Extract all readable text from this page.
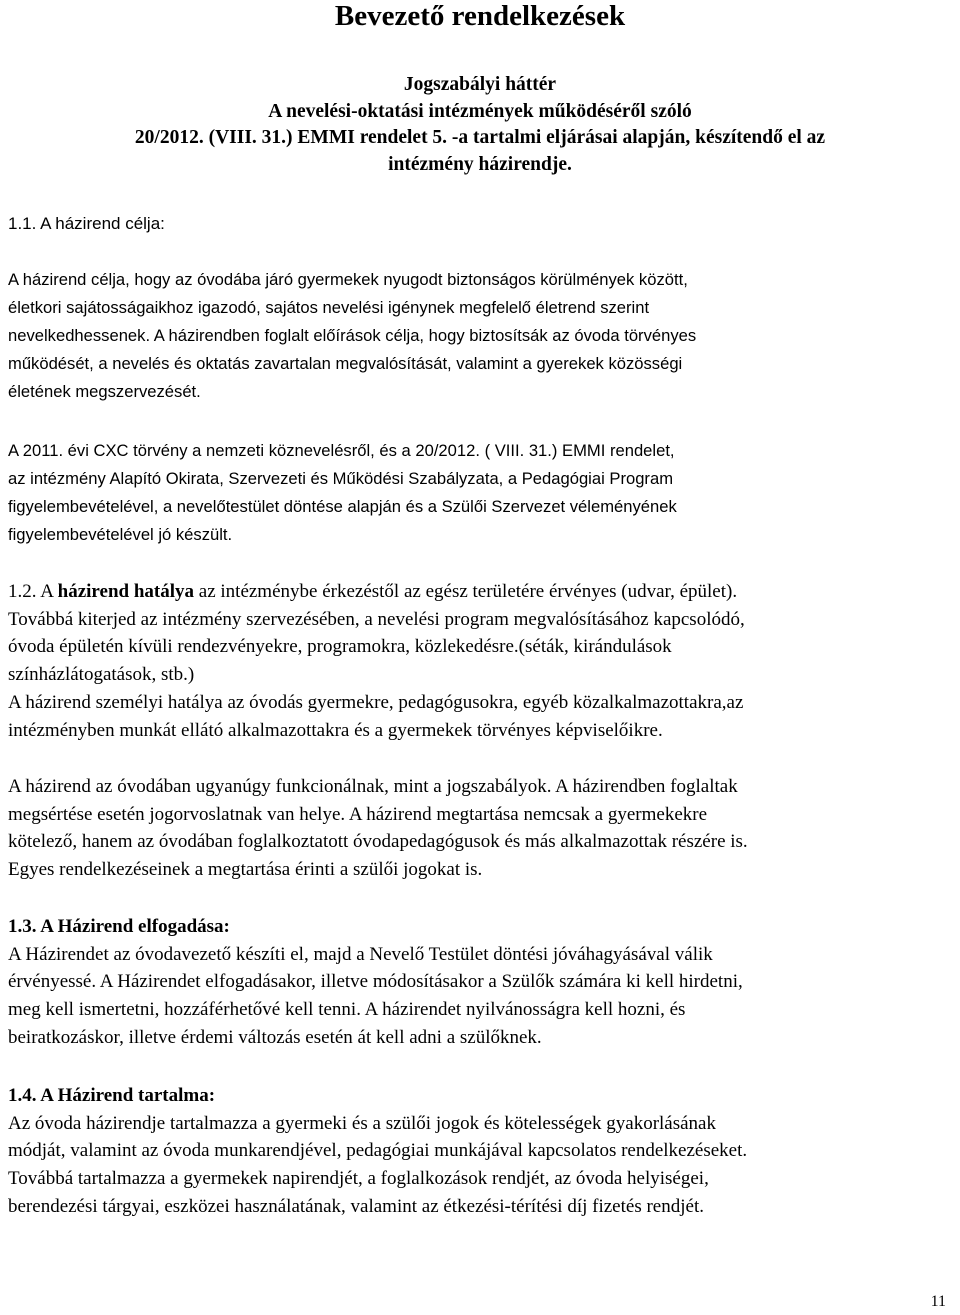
Bevezető rendelkezések
Jogszabályi háttér
A nevelési-oktatási intézmények működéséről szóló
20/2012. (VIII. 31.) EMMI rendelet 5. -a tartalmi eljárásai alapján, készítendő el az
intézmény házirendje.
1.1. A házirend célja:
A házirend célja, hogy az óvodába járó gyermekek nyugodt biztonságos körülmények között,
életkori sajátosságaikhoz igazodó, sajátos nevelési igénynek megfelelő életrend szerint
nevelkedhessenek. A házirendben foglalt előírások célja, hogy biztosítsák az óvoda törvényes
működését, a nevelés és oktatás zavartalan megvalósítását, valamint a gyerekek közösségi
életének megszervezését.
A 2011. évi CXC törvény a nemzeti köznevelésről, és a 20/2012. ( VIII. 31.) EMMI rendelet,
az intézmény Alapító Okirata, Szervezeti és Működési Szabályzata, a Pedagógiai Program
figyelembevételével, a nevelőtestület döntése alapján és a Szülői Szervezet véleményének
figyelembevételével jó készült.
1.2. A házirend hatálya az intézménybe érkezéstől az egész területére érvényes (udvar, épület).
Továbbá kiterjed az intézmény szervezésében, a nevelési program megvalósításához kapcsolódó,
óvoda épületén kívüli rendezvényekre, programokra, közlekedésre.(séták, kirándulások
színházlátogatások, stb.)
A házirend személyi hatálya az óvodás gyermekre, pedagógusokra, egyéb közalkalmazottakra,az
intézményben munkát ellátó alkalmazottakra és a gyermekek törvényes képviselőikre.
A házirend az óvodában ugyanúgy funkcionálnak, mint a jogszabályok. A házirendben foglaltak
megsértése esetén jogorvoslatnak van helye. A házirend megtartása nemcsak a gyermekekre
kötelező, hanem az óvodában foglalkoztatott óvodapedagógusok és más alkalmazottak részére is.
Egyes rendelkezéseinek a megtartása érinti a szülői jogokat is.
1.3. A Házirend elfogadása:
A Házirendet az óvodavezető készíti el, majd a Nevelő Testület döntési jóváhagyásával válik
érvényessé. A Házirendet elfogadásakor, illetve módosításakor a Szülők számára ki kell hirdetni,
meg kell ismertetni, hozzáférhetővé kell tenni. A házirendet nyilvánosságra kell hozni, és
beiratkozáskor, illetve érdemi változás esetén át kell adni a szülőknek.
1.4. A Házirend tartalma:
Az óvoda házirendje tartalmazza a gyermeki és a szülői jogok és kötelességek gyakorlásának
módját, valamint az óvoda munkarendjével, pedagógiai munkájával kapcsolatos rendelkezéseket.
Továbbá tartalmazza a gyermekek napirendjét, a foglalkozások rendjét, az óvoda helyiségei,
berendezési tárgyai, eszközei használatának, valamint az étkezési-térítési díj fizetés rendjét.
11
